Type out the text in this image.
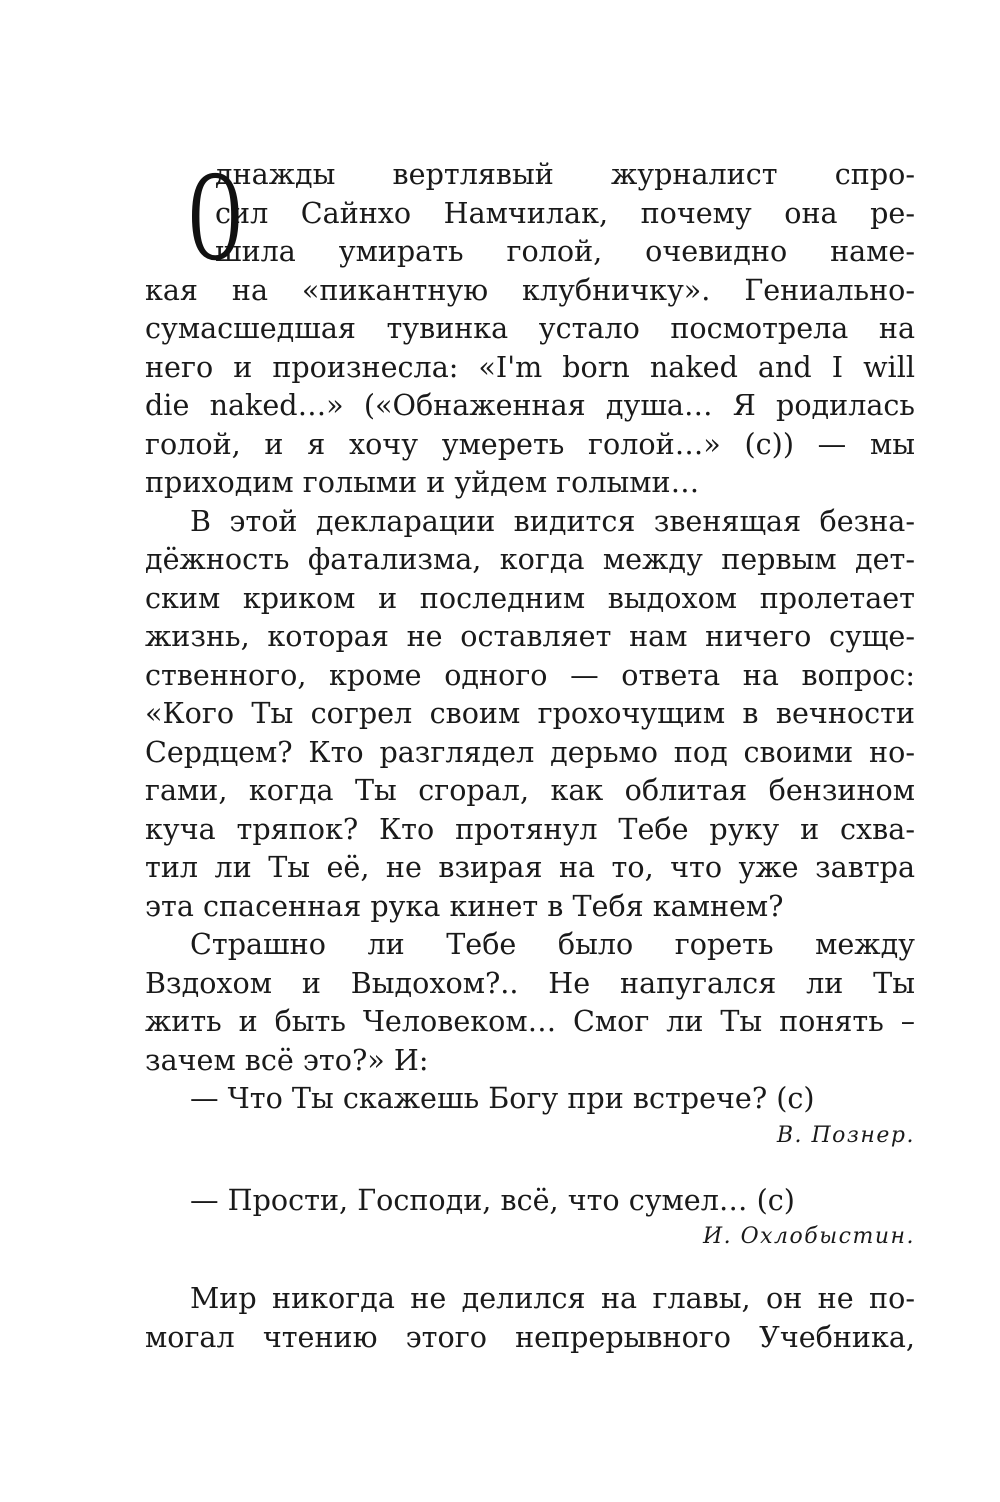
О
днажды вертлявый журналист спро-
сил Сайнхо Намчилак, почему она ре-
шила умирать голой, очевидно наме-
кая на «пикантную клубничку». Гениально-
сумасшедшая тувинка устало посмотрела на
него и произнесла: «I'm born naked and I will
die naked…» («Обнаженная душа… Я родилась
голой, и я хочу умереть голой…» (с)) — мы
приходим голыми и уйдем голыми…
В этой декларации видится звенящая безна-
дёжность фатализма, когда между первым дет-
ским криком и последним выдохом пролетает
жизнь, которая не оставляет нам ничего суще-
ственного, кроме одного — ответа на вопрос:
«Кого Ты согрел своим грохочущим в вечности
Сердцем? Кто разглядел дерьмо под своими но-
гами, когда Ты сгорал, как облитая бензином
куча тряпок? Кто протянул Тебе руку и схва-
тил ли Ты её, не взирая на то, что уже завтра
эта спасенная рука кинет в Тебя камнем?
Страшно ли Тебе было гореть между
Вздохом и Выдохом?.. Не напугался ли Ты
жить и быть Человеком… Смог ли Ты понять –
зачем всё это?» И:
— Что Ты скажешь Богу при встрече? (с)
В. Познер.
— Прости, Господи, всё, что сумел… (с)
И. Охлобыстин.
Мир никогда не делился на главы, он не по-
могал чтению этого непрерывного Учебника,
